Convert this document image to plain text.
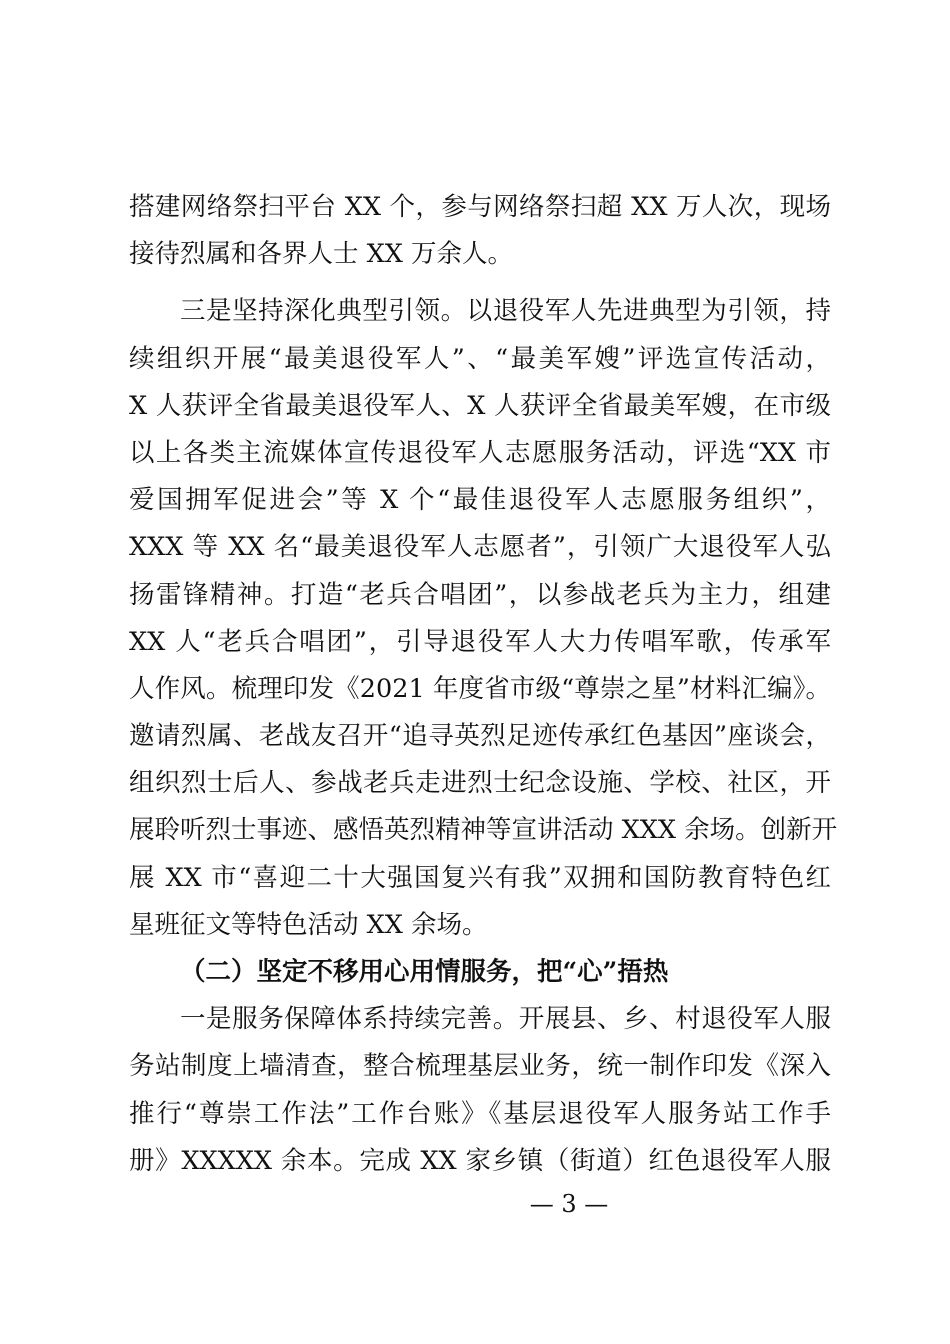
搭建网络祭扫平台 XX 个，参与网络祭扫超 XX 万人次，现场
接待烈属和各界人士 XX 万余人。
三是坚持深化典型引领。以退役军人先进典型为引领，持
续组织开展“最美退役军人”、“最美军嫂”评选宣传活动，
X 人获评全省最美退役军人、X 人获评全省最美军嫂，在市级
以上各类主流媒体宣传退役军人志愿服务活动，评选“XX 市
爱国拥军促进会”等 X 个“最佳退役军人志愿服务组织”，
XXX 等 XX 名“最美退役军人志愿者”，引领广大退役军人弘
扬雷锋精神。打造“老兵合唱团”，以参战老兵为主力，组建
XX 人“老兵合唱团”，引导退役军人大力传唱军歌，传承军
人作风。梳理印发《2021 年度省市级“尊崇之星”材料汇编》。
邀请烈属、老战友召开“追寻英烈足迹传承红色基因”座谈会，
组织烈士后人、参战老兵走进烈士纪念设施、学校、社区，开
展聆听烈士事迹、感悟英烈精神等宣讲活动 XXX 余场。创新开
展 XX 市“喜迎二十大强国复兴有我”双拥和国防教育特色红
星班征文等特色活动 XX 余场。
（二）坚定不移用心用情服务，把“心”捂热
一是服务保障体系持续完善。开展县、乡、村退役军人服
务站制度上墙清查，整合梳理基层业务，统一制作印发《深入
推行“尊崇工作法”工作台账》《基层退役军人服务站工作手
册》XXXXX 余本。完成 XX 家乡镇（街道）红色退役军人服
— 3 —
